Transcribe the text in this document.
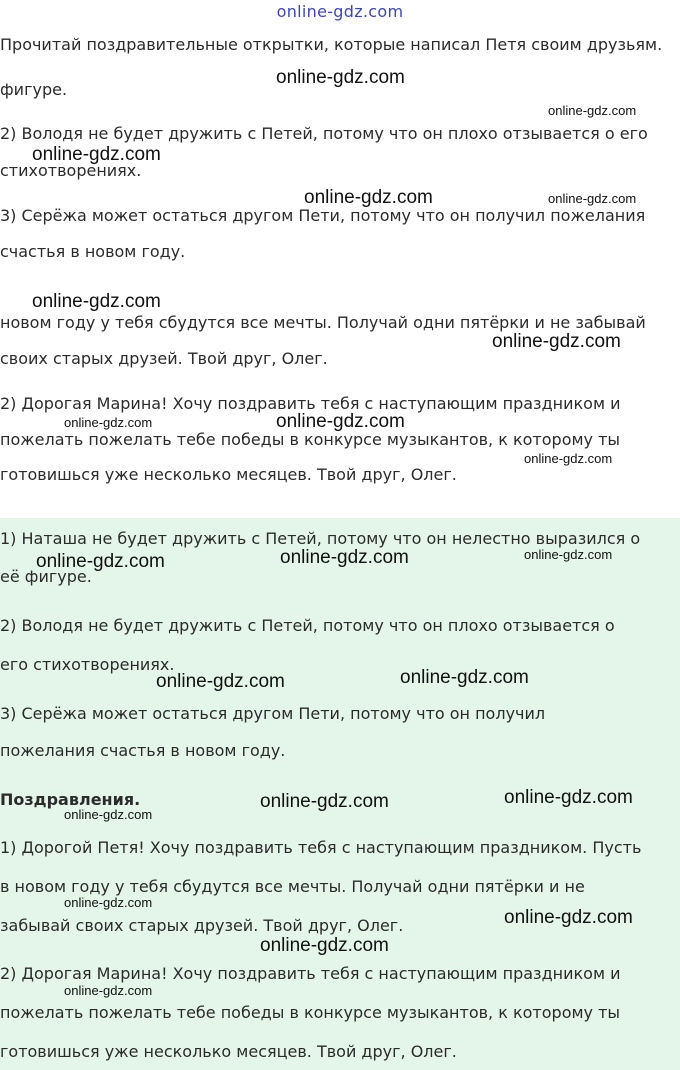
online-gdz.com

Прочитай поздравительные открытки, которые написал Петя своим друзьям.

фигуре.

2) Володя не будет дружить с Петей, потому что он плохо отзывается о его

стихотворениях.

3) Серёжа может остаться другом Пети, потому что он получил пожелания

счастья в новом году.

новом году у тебя сбудутся все мечты. Получай одни пятёрки и не забывай

своих старых друзей. Твой друг, Олег.

2) Дорогая Марина! Хочу поздравить тебя с наступающим праздником и

пожелать пожелать тебе победы в конкурсе музыкантов, к которому ты

готовишься уже несколько месяцев. Твой друг, Олег.

1) Наташа не будет дружить с Петей, потому что он нелестно выразился о

её фигуре.

2) Володя не будет дружить с Петей, потому что он плохо отзывается о

его стихотворениях.

3) Серёжа может остаться другом Пети, потому что он получил

пожелания счастья в новом году.

Поздравления.

1) Дорогой Петя! Хочу поздравить тебя с наступающим праздником. Пусть

в новом году у тебя сбудутся все мечты. Получай одни пятёрки и не

забывай своих старых друзей. Твой друг, Олег.

2) Дорогая Марина! Хочу поздравить тебя с наступающим праздником и

пожелать пожелать тебе победы в конкурсе музыкантов, к которому ты

готовишься уже несколько месяцев. Твой друг, Олег.

online-gdz.com
online-gdz.com
online-gdz.com
online-gdz.com	online-gdz.com
online-gdz.com
online-gdz.com
online-gdz.com
online-gdz.com
online-gdz.com
online-gdz.com	online-gdz.com
online-gdz.com
online-gdz.com
online-gdz.com
online-gdz.com
online-gdz.com
online-gdz.com
online-gdz.com
online-gdz.com
online-gdz.com
online-gdz.com
